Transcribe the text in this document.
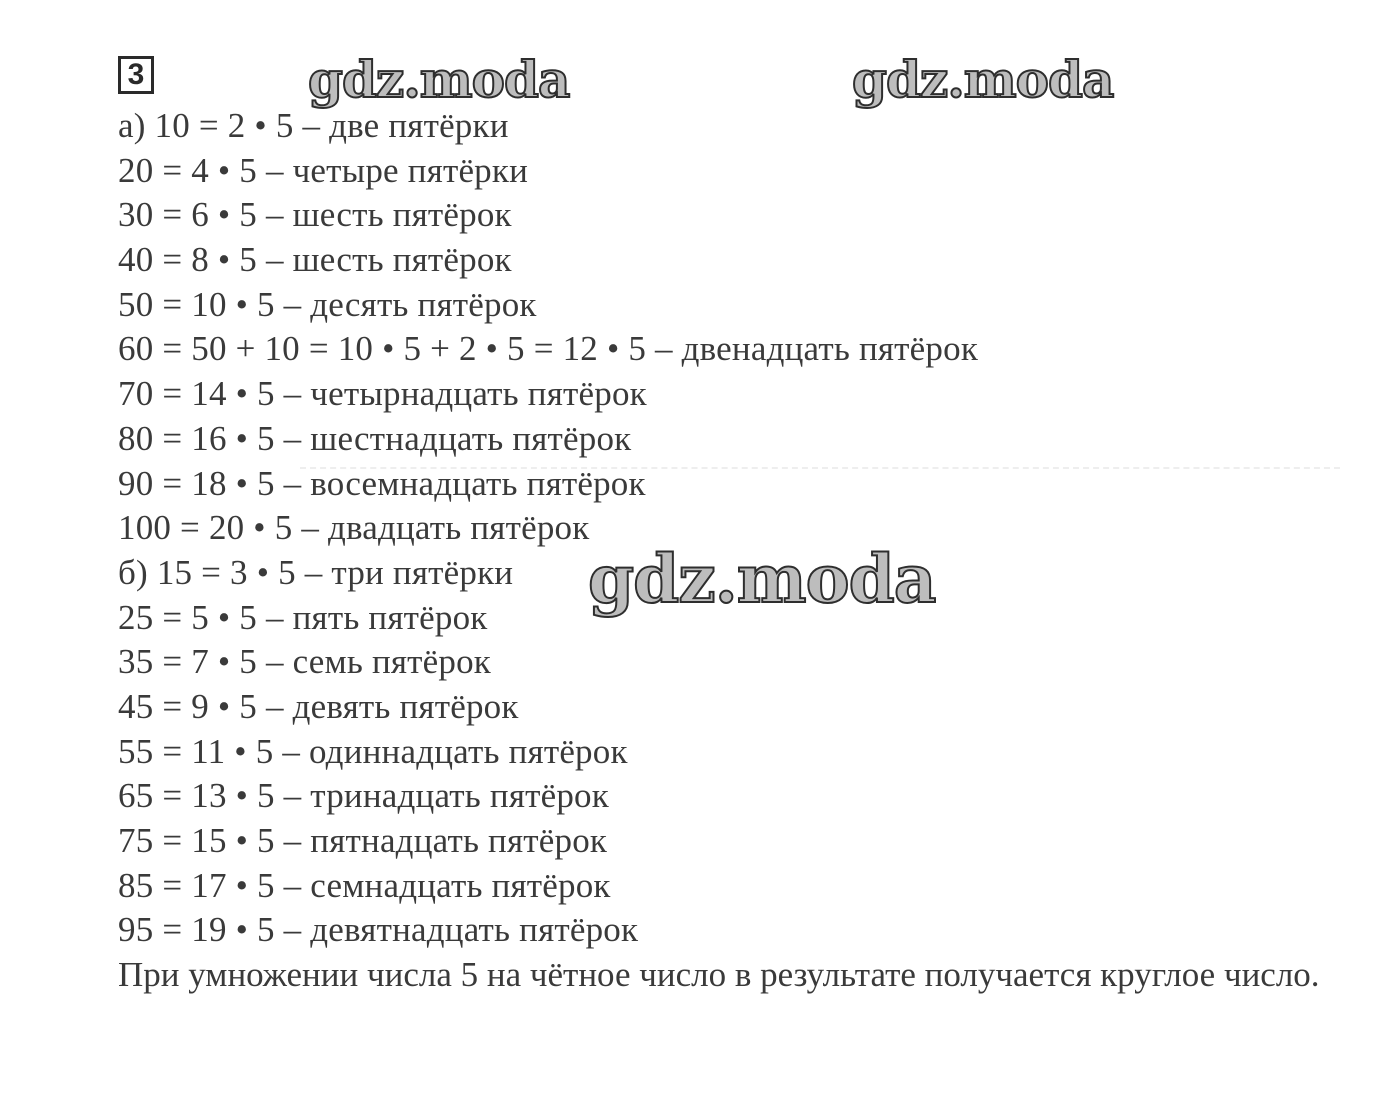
3
а) 10 = 2 • 5 – две пятёрки
20 = 4 • 5 – четыре пятёрки
30 = 6 • 5 – шесть пятёрок
40 = 8 • 5 – шесть пятёрок
50 = 10 • 5 – десять пятёрок
60 = 50 + 10 = 10 • 5 + 2 • 5 = 12 • 5 – двенадцать пятёрок
70 = 14 • 5 – четырнадцать пятёрок
80 = 16 • 5 – шестнадцать пятёрок
90 = 18 • 5 – восемнадцать пятёрок
100 = 20 • 5 – двадцать пятёрок
б) 15 = 3 • 5 – три пятёрки
25 = 5 • 5 – пять пятёрок
35 = 7 • 5 – семь пятёрок
45 = 9 • 5 – девять пятёрок
55 = 11 • 5 – одиннадцать пятёрок
65 = 13 • 5 – тринадцать пятёрок
75 = 15 • 5 – пятнадцать пятёрок
85 = 17 • 5 – семнадцать пятёрок
95 = 19 • 5 – девятнадцать пятёрок

При умножении числа 5 на чётное число в результате получается круглое число.

gdz.moda	gdz.moda
gdz.moda
